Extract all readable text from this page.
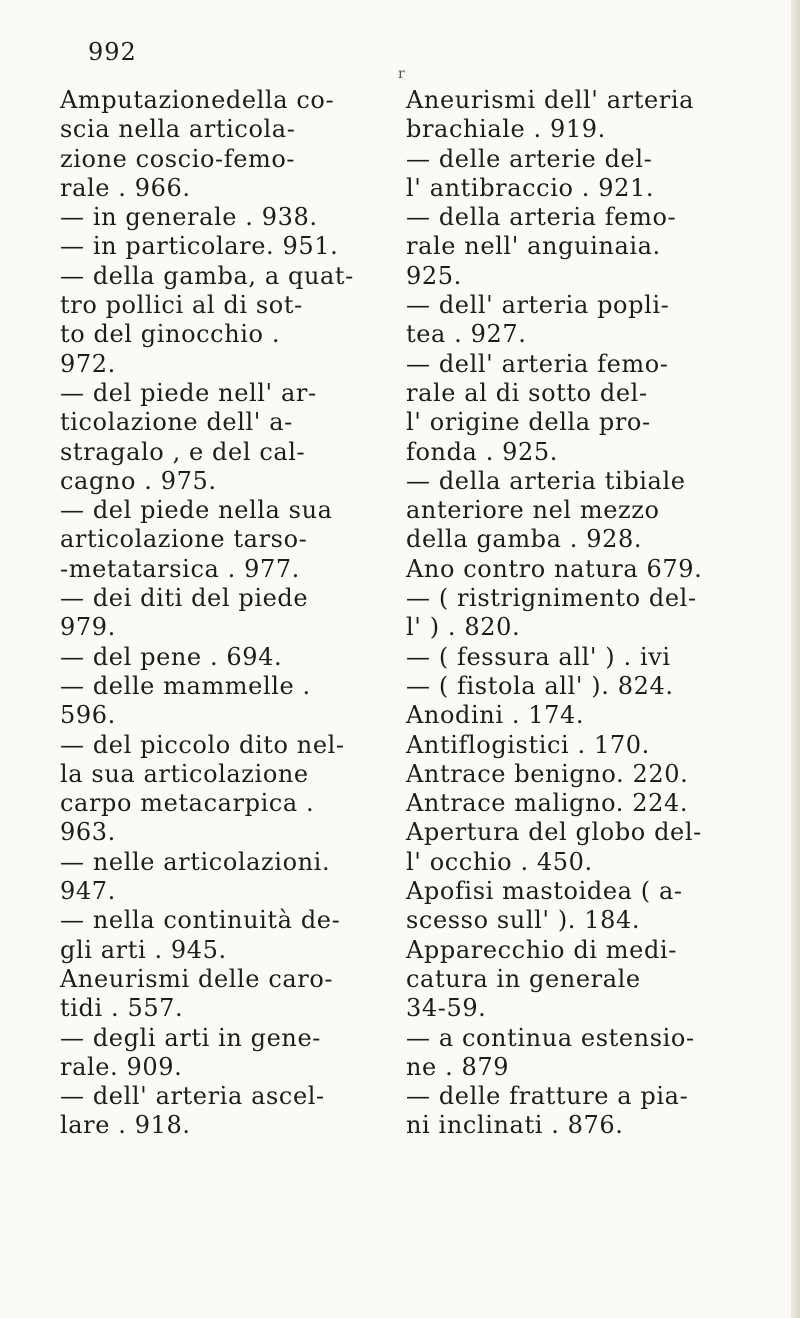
992
r
Amputazionedella co-
scia nella articola-
zione coscio-femo-
rale . 966.
— in generale . 938.
— in particolare. 951.
— della gamba, a quat-
tro pollici al di sot-
to del ginocchio .
972.
— del piede nell' ar-
ticolazione dell' a-
stragalo , e del cal-
cagno . 975.
— del piede nella sua
articolazione tarso-
-metatarsica . 977.
— dei diti del piede
979.
— del pene . 694.
— delle mammelle .
596.
— del piccolo dito nel-
la sua articolazione
carpo metacarpica .
963.
— nelle articolazioni.
947.
— nella continuità de-
gli arti . 945.
Aneurismi delle caro-
tidi . 557.
— degli arti in gene-
rale. 909.
— dell' arteria ascel-
lare . 918.
Aneurismi dell' arteria
brachiale . 919.
— delle arterie del-
l' antibraccio . 921.
— della arteria femo-
rale nell' anguinaia.
925.
— dell' arteria popli-
tea . 927.
— dell' arteria femo-
rale al di sotto del-
l' origine della pro-
fonda . 925.
— della arteria tibiale
anteriore nel mezzo
della gamba . 928.
Ano contro natura 679.
— ( ristrignimento del-
l' ) . 820.
— ( fessura all' ) . ivi
— ( fistola all' ). 824.
Anodini . 174.
Antiflogistici . 170.
Antrace benigno. 220.
Antrace maligno. 224.
Apertura del globo del-
l' occhio . 450.
Apofisi mastoidea ( a-
scesso sull' ). 184.
Apparecchio di medi-
catura in generale
34-59.
— a continua estensio-
ne . 879
— delle fratture a pia-
ni inclinati . 876.
